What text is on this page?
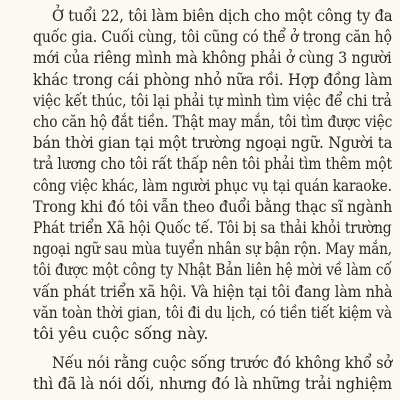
Ở tuổi 22, tôi làm biên dịch cho một công ty đa
quốc gia. Cuối cùng, tôi cũng có thể ở trong căn hộ
mới của riêng mình mà không phải ở cùng 3 người
khác trong cái phòng nhỏ nữa rồi. Hợp đồng làm
việc kết thúc, tôi lại phải tự mình tìm việc để chi trả
cho căn hộ đắt tiền. Thật may mắn, tôi tìm được việc
bán thời gian tại một trường ngoại ngữ. Người ta
trả lương cho tôi rất thấp nên tôi phải tìm thêm một
công việc khác, làm người phục vụ tại quán karaoke.
Trong khi đó tôi vẫn theo đuổi bằng thạc sĩ ngành
Phát triển Xã hội Quốc tế. Tôi bị sa thải khỏi trường
ngoại ngữ sau mùa tuyển nhân sự bận rộn. May mắn,
tôi được một công ty Nhật Bản liên hệ mời về làm cố
vấn phát triển xã hội. Và hiện tại tôi đang làm nhà
văn toàn thời gian, tôi đi du lịch, có tiền tiết kiệm và
tôi yêu cuộc sống này.
Nếu nói rằng cuộc sống trước đó không khổ sở
thì đã là nói dối, nhưng đó là những trải nghiệm
